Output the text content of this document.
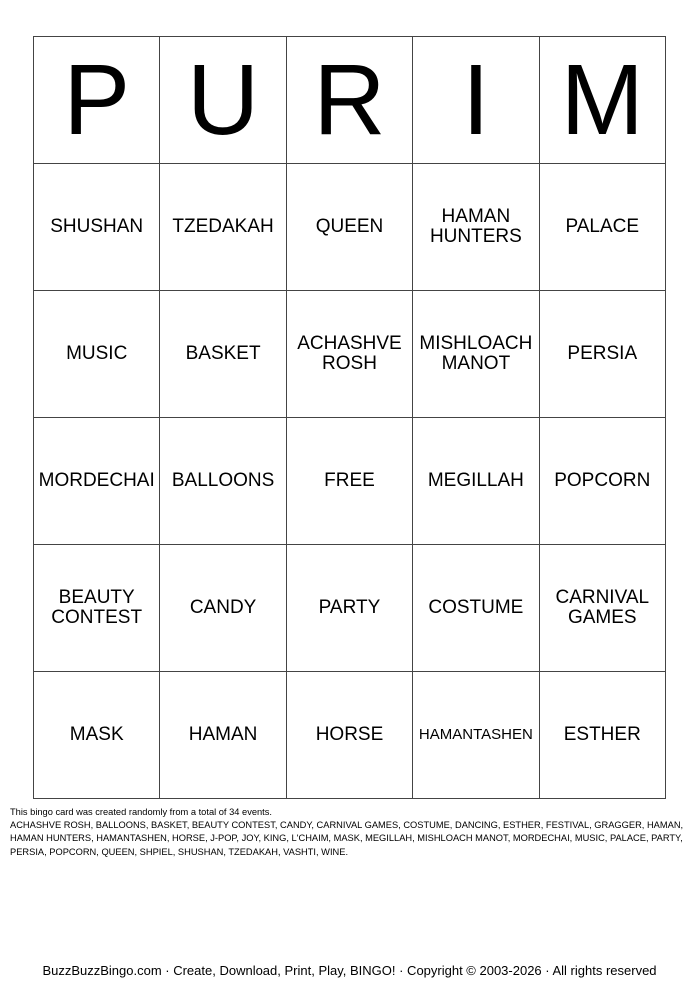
P	U	R	I	M
SHUSHAN	TZEDAKAH	QUEEN	HAMAN HUNTERS	PALACE
MUSIC	BASKET	ACHASHVE ROSH	MISHLOACH MANOT	PERSIA
MORDECHAI	BALLOONS	FREE	MEGILLAH	POPCORN
BEAUTY CONTEST	CANDY	PARTY	COSTUME	CARNIVAL GAMES
MASK	HAMAN	HORSE	HAMANTASHEN	ESTHER

This bingo card was created randomly from a total of 34 events.

ACHASHVE ROSH, BALLOONS, BASKET, BEAUTY CONTEST, CANDY, CARNIVAL GAMES, COSTUME, DANCING, ESTHER, FESTIVAL, GRAGGER, HAMAN, HAMAN HUNTERS, HAMANTASHEN, HORSE, J-POP, JOY, KING, L'CHAIM, MASK, MEGILLAH, MISHLOACH MANOT, MORDECHAI, MUSIC, PALACE, PARTY, PERSIA, POPCORN, QUEEN, SHPIEL, SHUSHAN, TZEDAKAH, VASHTI, WINE.

BuzzBuzzBingo.com · Create, Download, Print, Play, BINGO! · Copyright © 2003-2026 · All rights reserved
